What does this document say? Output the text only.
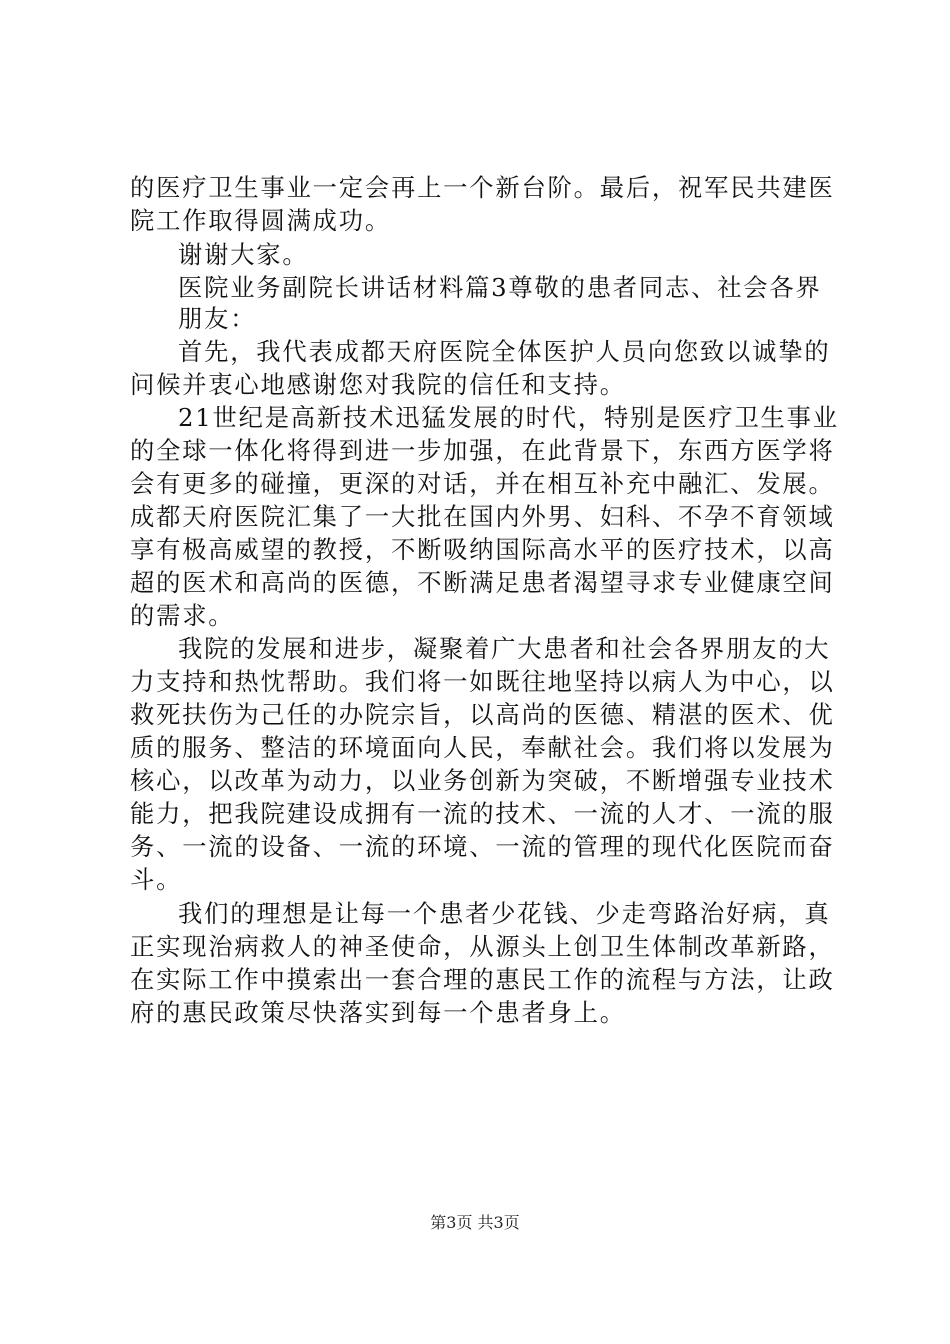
的医疗卫生事业一定会再上一个新台阶。最后，祝军民共建医
院工作取得圆满成功。
谢谢大家。
医院业务副院长讲话材料篇3尊敬的患者同志、社会各界
朋友：
首先，我代表成都天府医院全体医护人员向您致以诚挚的
问候并衷心地感谢您对我院的信任和支持。
21世纪是高新技术迅猛发展的时代，特别是医疗卫生事业
的全球一体化将得到进一步加强，在此背景下，东西方医学将
会有更多的碰撞，更深的对话，并在相互补充中融汇、发展。
成都天府医院汇集了一大批在国内外男、妇科、不孕不育领域
享有极高威望的教授，不断吸纳国际高水平的医疗技术，以高
超的医术和高尚的医德，不断满足患者渴望寻求专业健康空间
的需求。
我院的发展和进步，凝聚着广大患者和社会各界朋友的大
力支持和热忱帮助。我们将一如既往地坚持以病人为中心，以
救死扶伤为己任的办院宗旨，以高尚的医德、精湛的医术、优
质的服务、整洁的环境面向人民，奉献社会。我们将以发展为
核心，以改革为动力，以业务创新为突破，不断增强专业技术
能力，把我院建设成拥有一流的技术、一流的人才、一流的服
务、一流的设备、一流的环境、一流的管理的现代化医院而奋
斗。
我们的理想是让每一个患者少花钱、少走弯路治好病，真
正实现治病救人的神圣使命，从源头上创卫生体制改革新路，
在实际工作中摸索出一套合理的惠民工作的流程与方法，让政
府的惠民政策尽快落实到每一个患者身上。
第3页 共3页
